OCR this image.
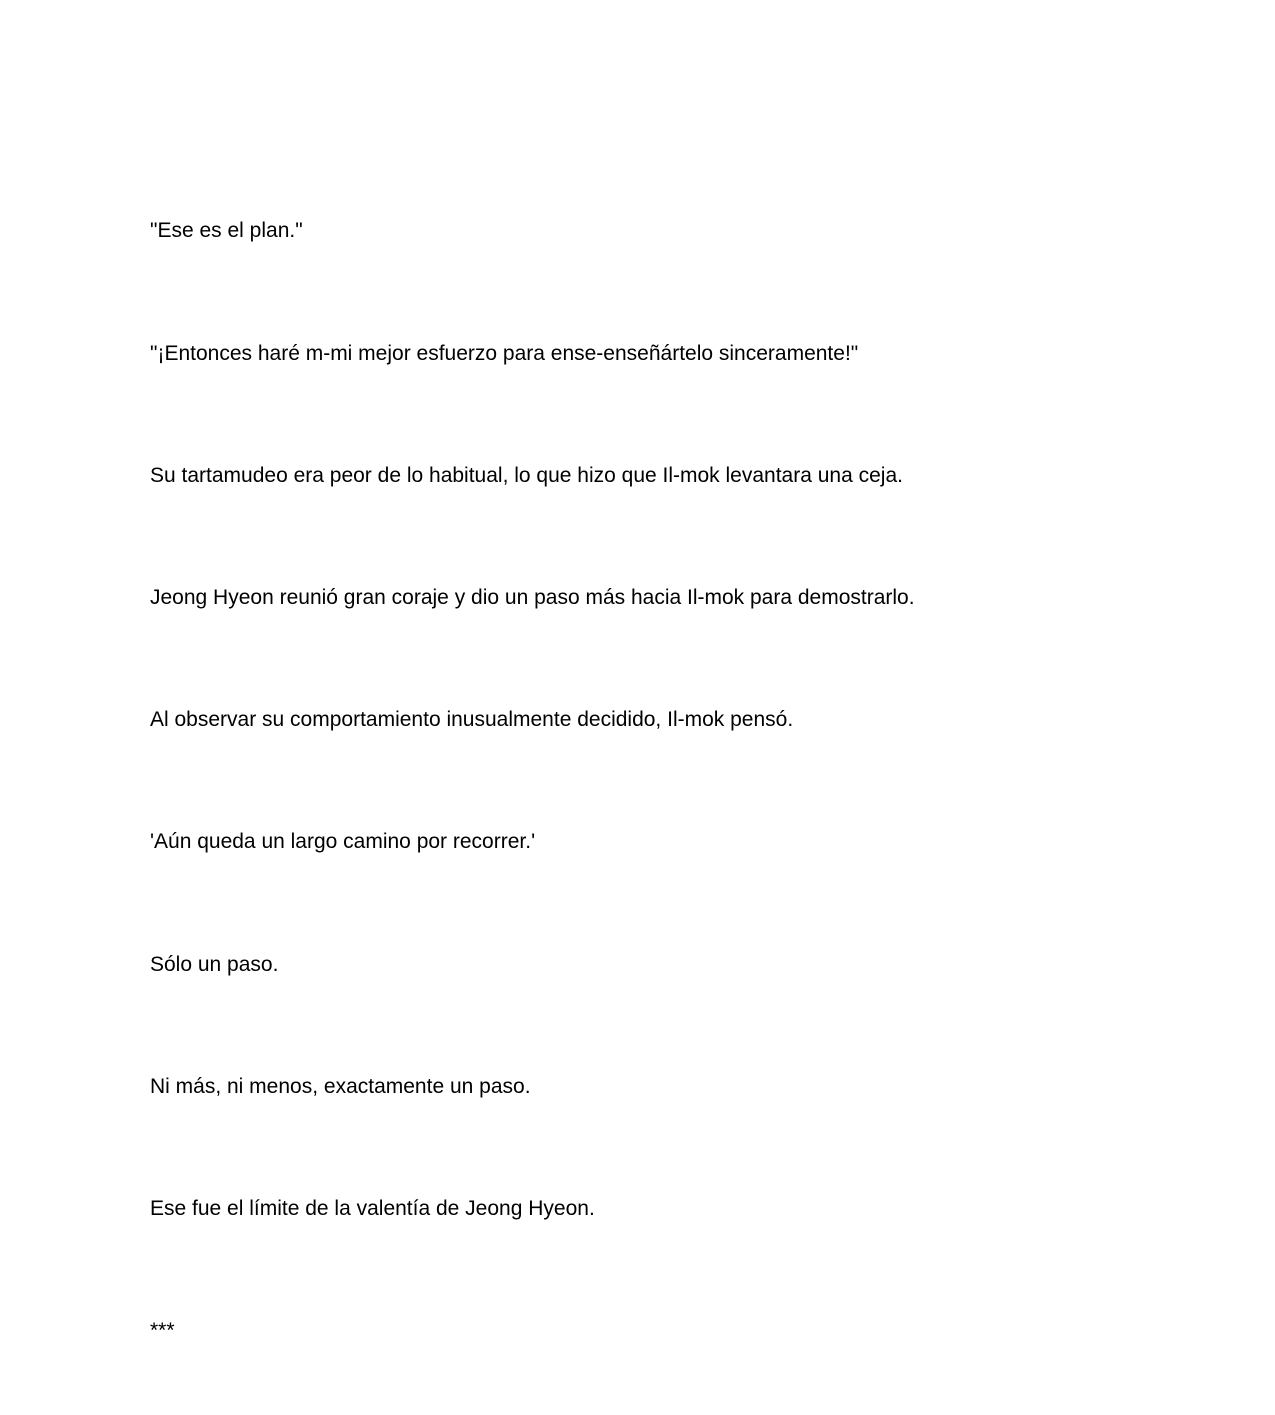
"Ese es el plan."

"¡Entonces haré m-mi mejor esfuerzo para ense-enseñártelo sinceramente!"

Su tartamudeo era peor de lo habitual, lo que hizo que Il-mok levantara una ceja.

Jeong Hyeon reunió gran coraje y dio un paso más hacia Il-mok para demostrarlo.

Al observar su comportamiento inusualmente decidido, Il-mok pensó.

'Aún queda un largo camino por recorrer.'

Sólo un paso.

Ni más, ni menos, exactamente un paso.

Ese fue el límite de la valentía de Jeong Hyeon.

***
